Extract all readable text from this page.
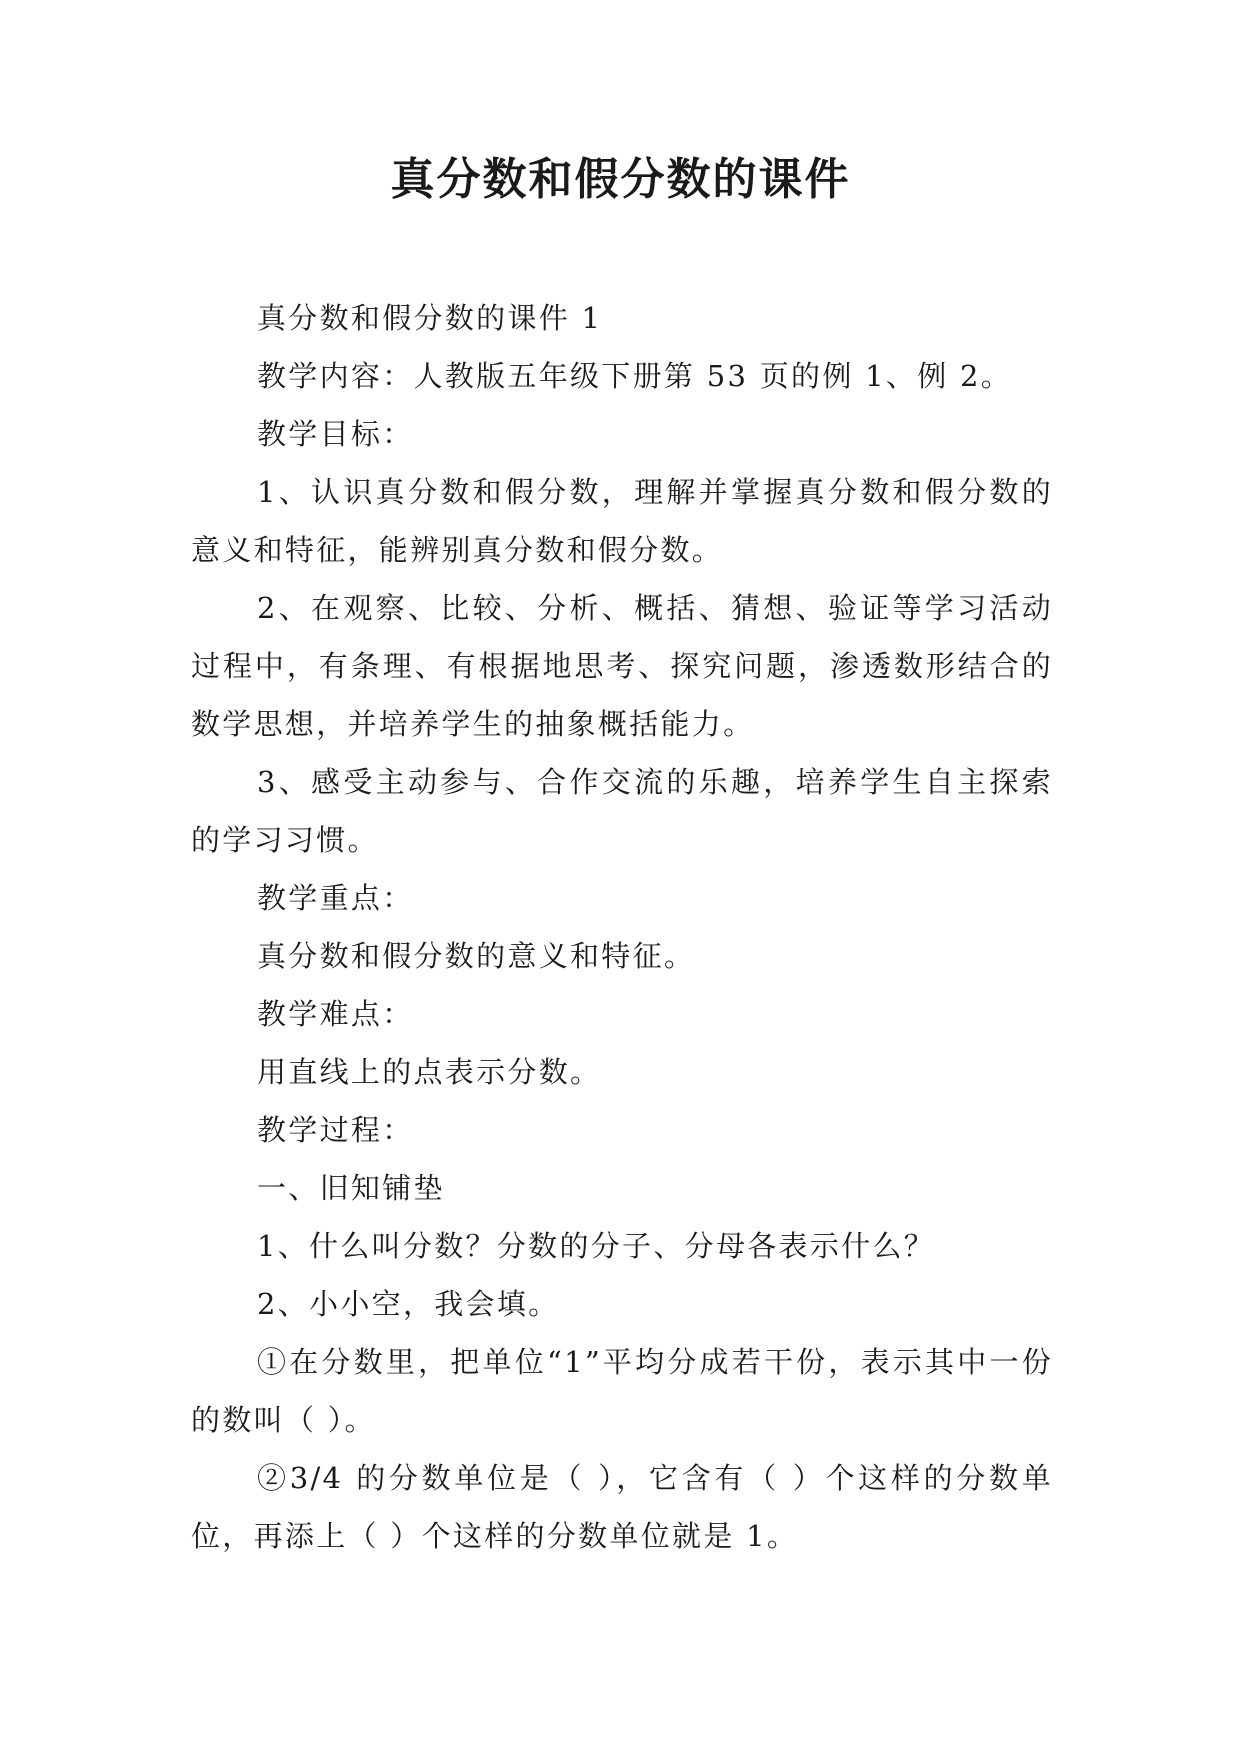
真分数和假分数的课件

真分数和假分数的课件 1

教学内容：人教版五年级下册第 53 页的例 1、例 2。

教学目标：

1、认识真分数和假分数，理解并掌握真分数和假分数的意义和特征，能辨别真分数和假分数。

2、在观察、比较、分析、概括、猜想、验证等学习活动过程中，有条理、有根据地思考、探究问题，渗透数形结合的数学思想，并培养学生的抽象概括能力。

3、感受主动参与、合作交流的乐趣，培养学生自主探索的学习习惯。

教学重点：

真分数和假分数的意义和特征。

教学难点：

用直线上的点表示分数。

教学过程：

一、旧知铺垫

1、什么叫分数？分数的分子、分母各表示什么？

2、小小空，我会填。

①在分数里，把单位“1”平均分成若干份，表示其中一份的数叫（ ）。

②3/4 的分数单位是（ ），它含有（ ）个这样的分数单位，再添上（ ）个这样的分数单位就是 1。
